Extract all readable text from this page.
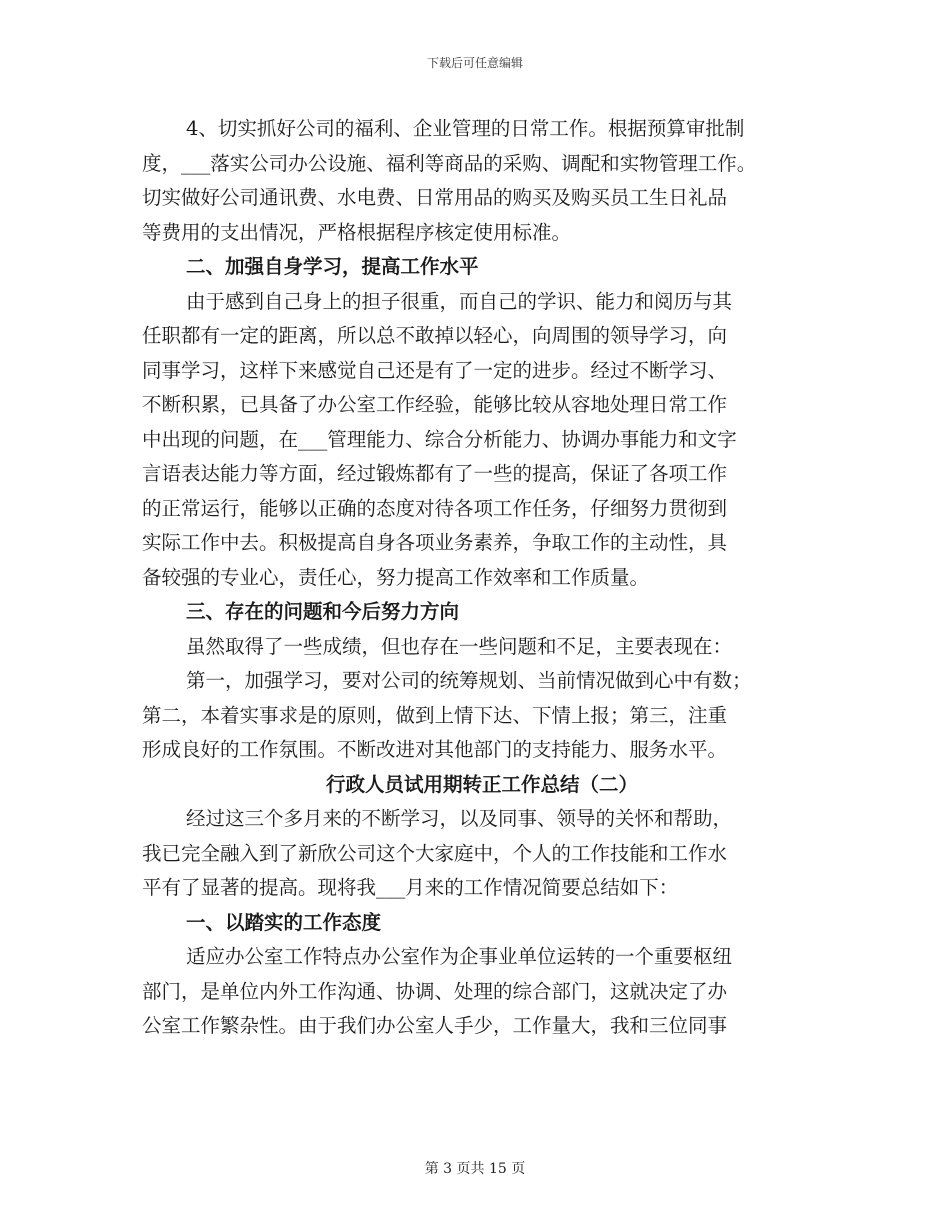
下载后可任意编辑
4、切实抓好公司的福利、企业管理的日常工作。根据预算审批制
度，___落实公司办公设施、福利等商品的采购、调配和实物管理工作。
切实做好公司通讯费、水电费、日常用品的购买及购买员工生日礼品
等费用的支出情况，严格根据程序核定使用标准。
二、加强自身学习，提高工作水平
由于感到自己身上的担子很重，而自己的学识、能力和阅历与其
任职都有一定的距离，所以总不敢掉以轻心，向周围的领导学习，向
同事学习，这样下来感觉自己还是有了一定的进步。经过不断学习、
不断积累，已具备了办公室工作经验，能够比较从容地处理日常工作
中出现的问题，在___管理能力、综合分析能力、协调办事能力和文字
言语表达能力等方面，经过锻炼都有了一些的提高，保证了各项工作
的正常运行，能够以正确的态度对待各项工作任务，仔细努力贯彻到
实际工作中去。积极提高自身各项业务素养，争取工作的主动性，具
备较强的专业心，责任心，努力提高工作效率和工作质量。
三、存在的问题和今后努力方向
虽然取得了一些成绩，但也存在一些问题和不足，主要表现在：
第一，加强学习，要对公司的统筹规划、当前情况做到心中有数；
第二，本着实事求是的原则，做到上情下达、下情上报；第三，注重
形成良好的工作氛围。不断改进对其他部门的支持能力、服务水平。
行政人员试用期转正工作总结（二）
经过这三个多月来的不断学习，以及同事、领导的关怀和帮助，
我已完全融入到了新欣公司这个大家庭中，个人的工作技能和工作水
平有了显著的提高。现将我___月来的工作情况简要总结如下：
一、以踏实的工作态度
适应办公室工作特点办公室作为企事业单位运转的一个重要枢纽
部门，是单位内外工作沟通、协调、处理的综合部门，这就决定了办
公室工作繁杂性。由于我们办公室人手少，工作量大，我和三位同事
第 3 页共 15 页
